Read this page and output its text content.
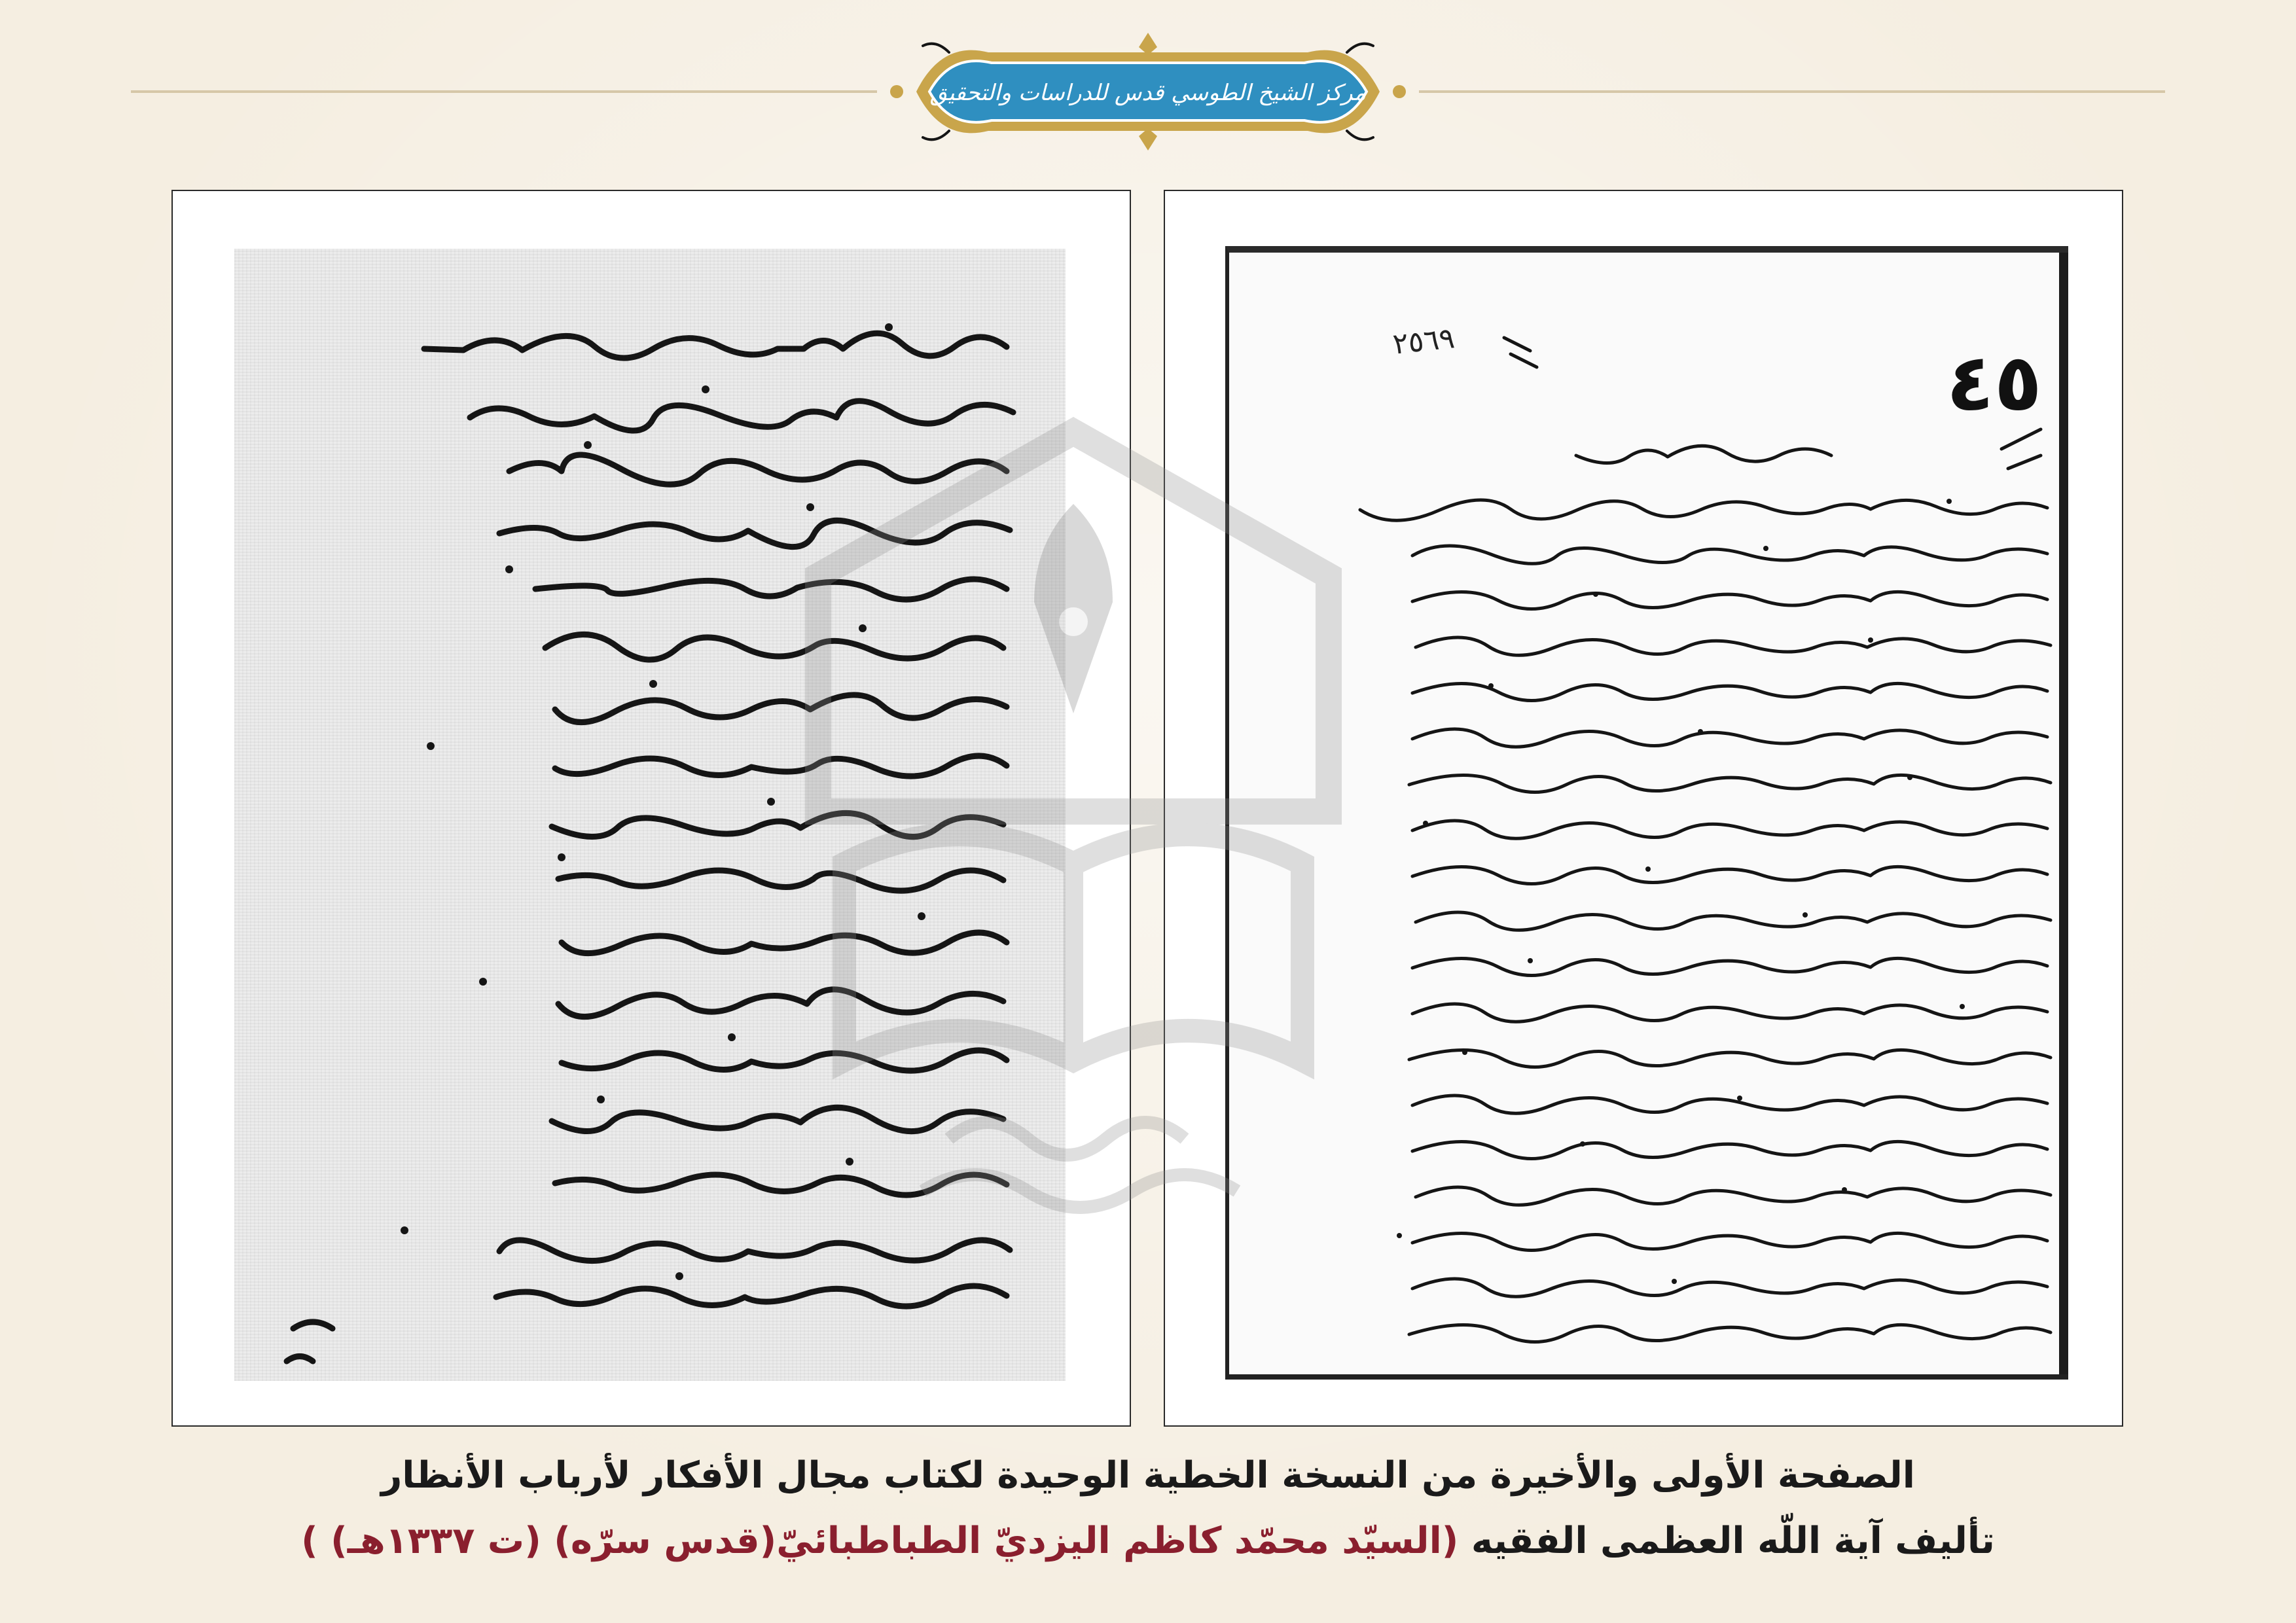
مركز الشيخ الطوسي قدس للدراسات والتحقيق
٤٥
٢٥٦٩
الصفحة الأولى والأخيرة من النسخة الخطية الوحيدة لكتاب مجال الأفكار لأرباب الأنظار
تأليف آية اللّه العظمى الفقيه (السيّد محمّد كاظم اليزديّ الطباطبائيّ(قدس سرّه) (ت ١٣٣٧هـ) )
